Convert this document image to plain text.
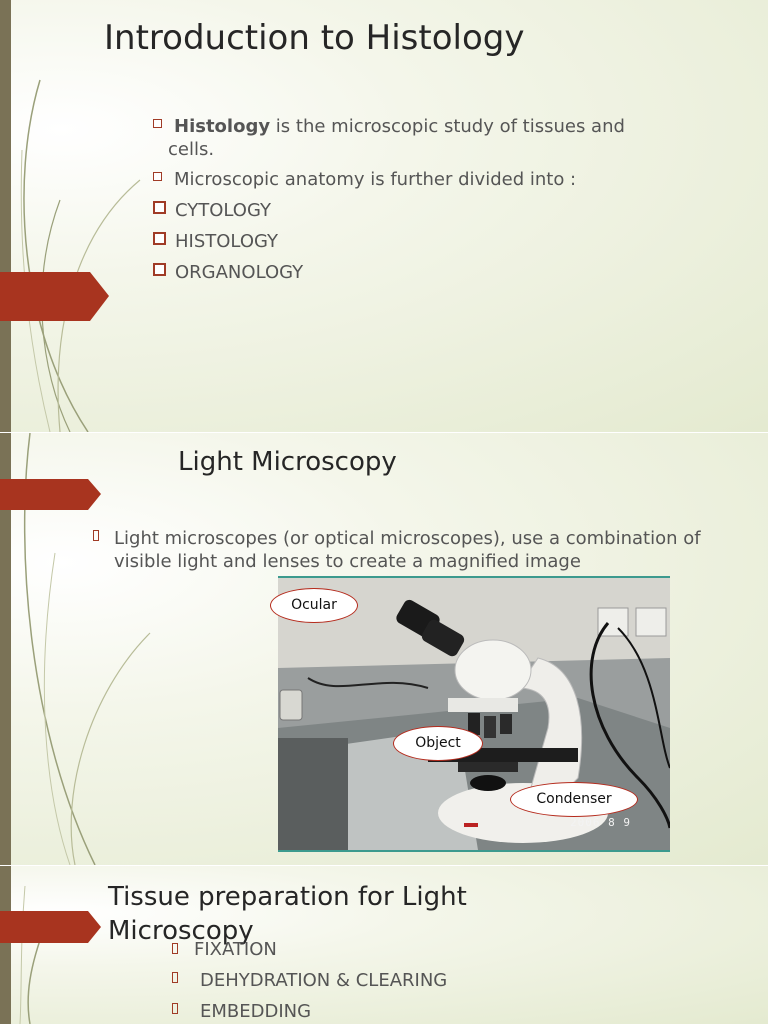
Introduction to Histology
Histology is the microscopic study of tissues and
cells.
Microscopic anatomy is further divided into :
CYTOLOGY
HISTOLOGY
ORGANOLOGY
Light Microscopy
Light microscopes (or optical microscopes), use a combination of
visible light and lenses to create a magnified image
2006 8 9
Ocular
Object
Condenser
Tissue preparation for Light
Microscopy
FIXATION
DEHYDRATION & CLEARING
EMBEDDING
